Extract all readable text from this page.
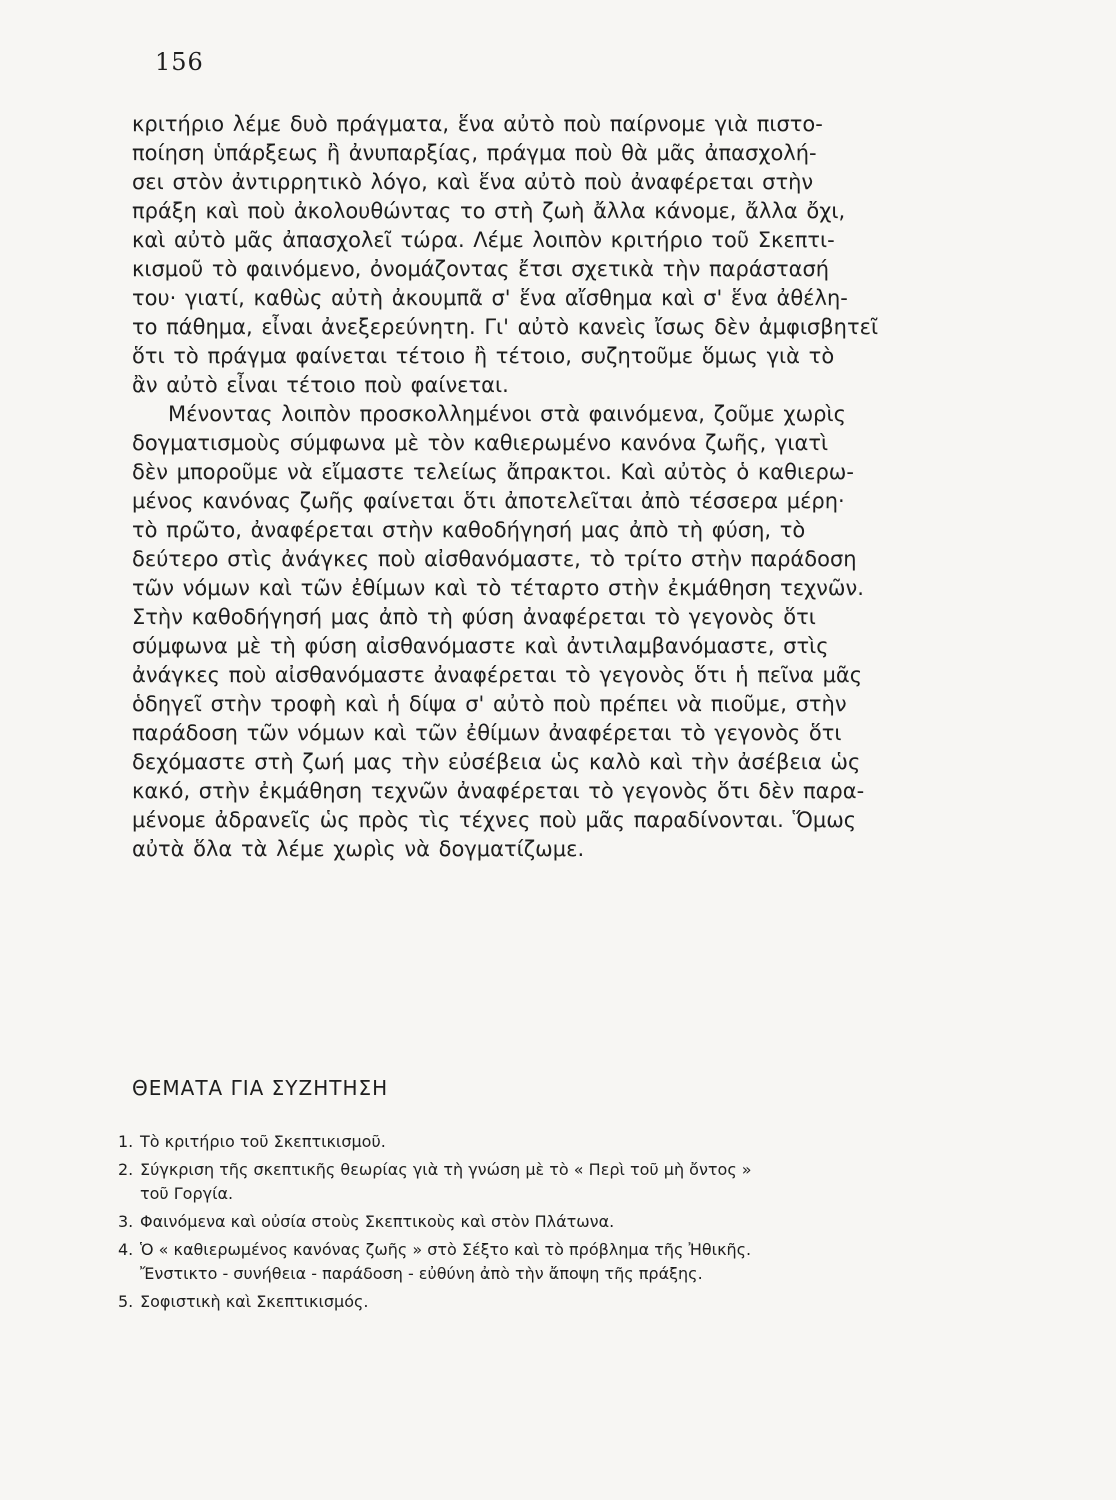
156
κριτήριο λέμε δυὸ πράγματα, ἕνα αὐτὸ ποὺ παίρνομε γιὰ πιστο-
ποίηση ὑπάρξεως ἢ ἀνυπαρξίας, πράγμα ποὺ θὰ μᾶς ἀπασχολή-
σει στὸν ἀντιρρητικὸ λόγο, καὶ ἕνα αὐτὸ ποὺ ἀναφέρεται στὴν
πράξη καὶ ποὺ ἀκολουθώντας το στὴ ζωὴ ἄλλα κάνομε, ἄλλα ὄχι,
καὶ αὐτὸ μᾶς ἀπασχολεῖ τώρα. Λέμε λοιπὸν κριτήριο τοῦ Σκεπτι-
κισμοῦ τὸ φαινόμενο, ὀνομάζοντας ἔτσι σχετικὰ τὴν παράστασή
του· γιατί, καθὼς αὐτὴ ἀκουμπᾶ σ' ἕνα αἴσθημα καὶ σ' ἕνα ἀθέλη-
το πάθημα, εἶναι ἀνεξερεύνητη. Γι' αὐτὸ κανεὶς ἴσως δὲν ἀμφισβητεῖ
ὅτι τὸ πράγμα φαίνεται τέτοιο ἢ τέτοιο, συζητοῦμε ὅμως γιὰ τὸ
ἂν αὐτὸ εἶναι τέτοιο ποὺ φαίνεται.
Μένοντας λοιπὸν προσκολλημένοι στὰ φαινόμενα, ζοῦμε χωρὶς
δογματισμοὺς σύμφωνα μὲ τὸν καθιερωμένο κανόνα ζωῆς, γιατὶ
δὲν μποροῦμε νὰ εἴμαστε τελείως ἄπρακτοι. Καὶ αὐτὸς ὁ καθιερω-
μένος κανόνας ζωῆς φαίνεται ὅτι ἀποτελεῖται ἀπὸ τέσσερα μέρη·
τὸ πρῶτο, ἀναφέρεται στὴν καθοδήγησή μας ἀπὸ τὴ φύση, τὸ
δεύτερο στὶς ἀνάγκες ποὺ αἰσθανόμαστε, τὸ τρίτο στὴν παράδοση
τῶν νόμων καὶ τῶν ἐθίμων καὶ τὸ τέταρτο στὴν ἐκμάθηση τεχνῶν.
Στὴν καθοδήγησή μας ἀπὸ τὴ φύση ἀναφέρεται τὸ γεγονὸς ὅτι
σύμφωνα μὲ τὴ φύση αἰσθανόμαστε καὶ ἀντιλαμβανόμαστε, στὶς
ἀνάγκες ποὺ αἰσθανόμαστε ἀναφέρεται τὸ γεγονὸς ὅτι ἡ πεῖνα μᾶς
ὁδηγεῖ στὴν τροφὴ καὶ ἡ δίψα σ' αὐτὸ ποὺ πρέπει νὰ πιοῦμε, στὴν
παράδοση τῶν νόμων καὶ τῶν ἐθίμων ἀναφέρεται τὸ γεγονὸς ὅτι
δεχόμαστε στὴ ζωή μας τὴν εὐσέβεια ὡς καλὸ καὶ τὴν ἀσέβεια ὡς
κακό, στὴν ἐκμάθηση τεχνῶν ἀναφέρεται τὸ γεγονὸς ὅτι δὲν παρα-
μένομε ἀδρανεῖς ὡς πρὸς τὶς τέχνες ποὺ μᾶς παραδίνονται. Ὅμως
αὐτὰ ὅλα τὰ λέμε χωρὶς νὰ δογματίζωμε.
ΘΕΜΑΤΑ ΓΙΑ ΣΥΖΗΤΗΣΗ
1. Τὸ κριτήριο τοῦ Σκεπτικισμοῦ.
2. Σύγκριση τῆς σκεπτικῆς θεωρίας γιὰ τὴ γνώση μὲ τὸ « Περὶ τοῦ μὴ ὄντος »
τοῦ Γοργία.
3. Φαινόμενα καὶ οὐσία στοὺς Σκεπτικοὺς καὶ στὸν Πλάτωνα.
4. Ὁ « καθιερωμένος κανόνας ζωῆς » στὸ Σέξτο καὶ τὸ πρόβλημα τῆς Ἠθικῆς.
Ἔνστικτο - συνήθεια - παράδοση - εὐθύνη ἀπὸ τὴν ἄποψη τῆς πράξης.
5. Σοφιστικὴ καὶ Σκεπτικισμός.
